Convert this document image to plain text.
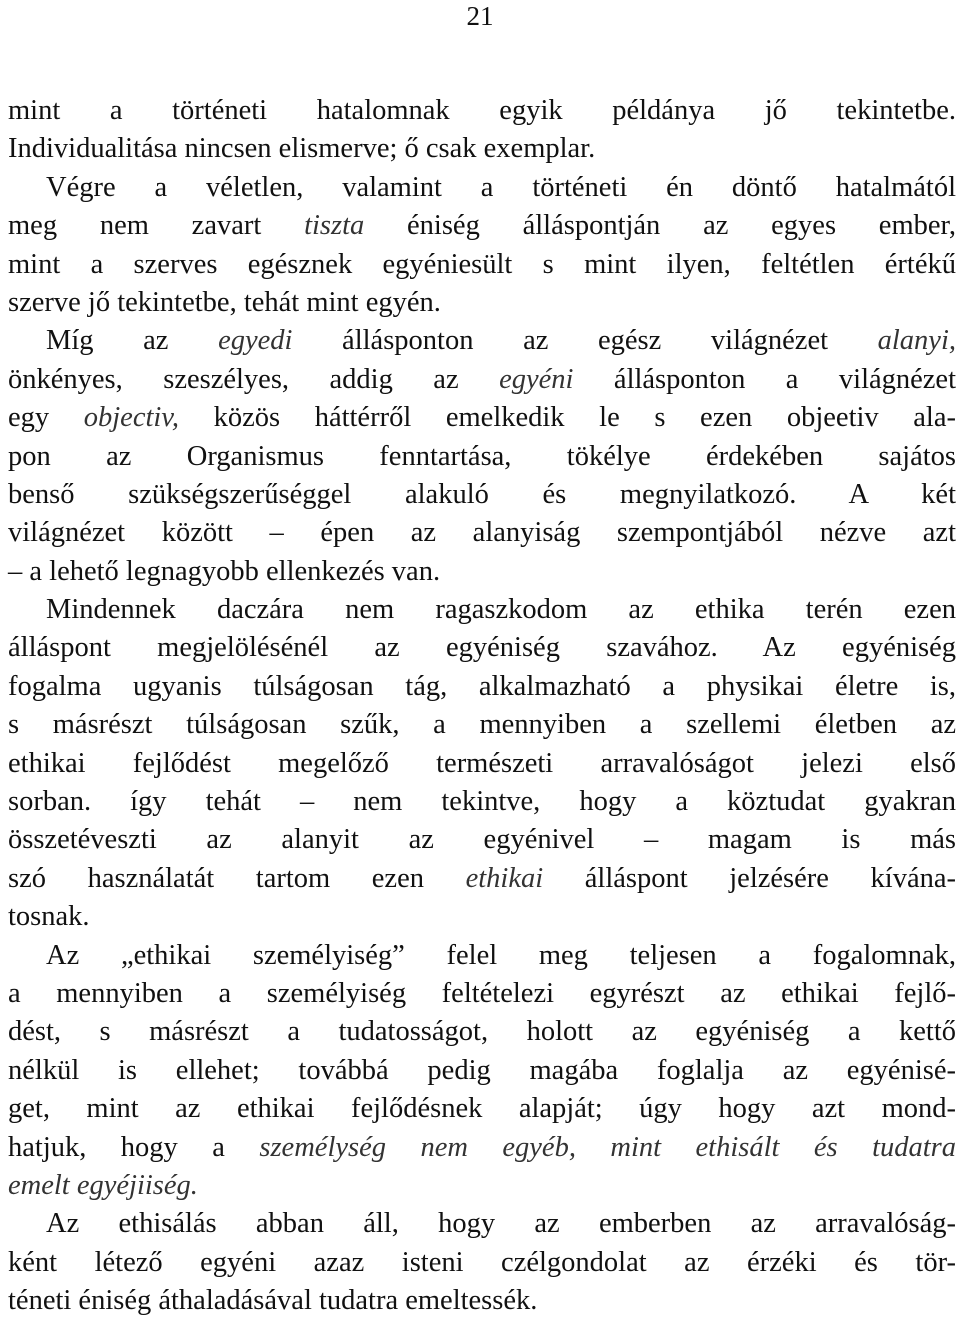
21
mint a történeti hatalomnak egyik példánya jő tekintetbe.
Individualitása nincsen elismerve; ő csak exemplar.
Végre a véletlen, valamint a történeti én döntő hatalmától
meg nem zavart tiszta éniség álláspontján az egyes ember,
mint a szerves egésznek egyéniesült s mint ilyen, feltétlen értékű
szerve jő tekintetbe, tehát mint egyén.
Míg az egyedi állásponton az egész világnézet alanyi,
önkényes, szeszélyes, addig az egyéni állásponton a világnézet
egy objectiv, közös háttérről emelkedik le s ezen objeetiv ala-
pon az Organismus fenntartása, tökélye érdekében sajátos
benső szükségszerűséggel alakuló és megnyilatkozó. A két
világnézet között – épen az alanyiság szempontjából nézve azt
– a lehető legnagyobb ellenkezés van.
Mindennek daczára nem ragaszkodom az ethika terén ezen
álláspont megjelölésénél az egyéniség szavához. Az egyéniség
fogalma ugyanis túlságosan tág, alkalmazható a physikai életre is,
s másrészt túlságosan szűk, a mennyiben a szellemi életben az
ethikai fejlődést megelőző természeti arravalóságot jelezi első
sorban. így tehát – nem tekintve, hogy a köztudat gyakran
összetéveszti az alanyit az egyénivel – magam is más
szó használatát tartom ezen ethikai álláspont jelzésére kívána-
tosnak.
Az „ethikai személyiség” felel meg teljesen a fogalomnak,
a mennyiben a személyiség feltételezi egyrészt az ethikai fejlő-
dést, s másrészt a tudatosságot, holott az egyéniség a kettő
nélkül is ellehet; továbbá pedig magába foglalja az egyénisé-
get, mint az ethikai fejlődésnek alapját; úgy hogy azt mond-
hatjuk, hogy a személység nem egyéb, mint ethisált és tudatra
emelt egyéjiiség.
Az ethisálás abban áll, hogy az emberben az arravalóság-
ként létező egyéni azaz isteni czélgondolat az érzéki és tör-
téneti éniség áthaladásával tudatra emeltessék.
